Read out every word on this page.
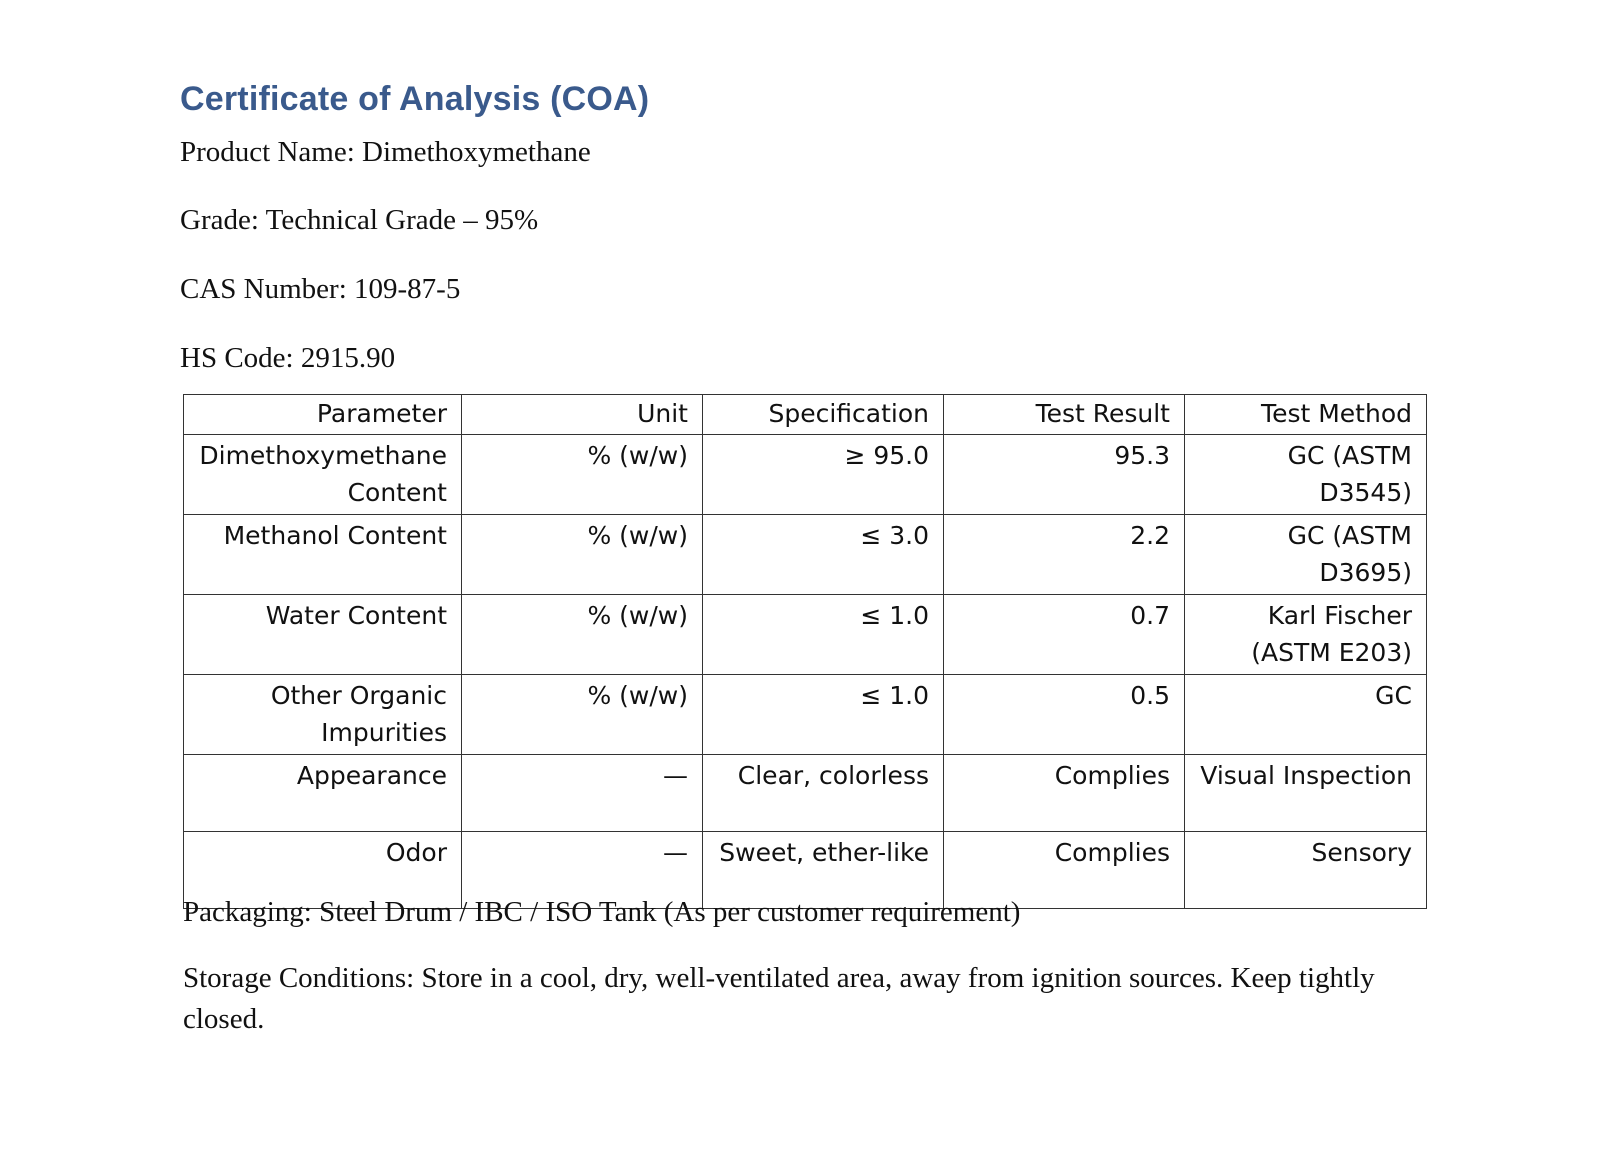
Certificate of Analysis (COA)
Product Name: Dimethoxymethane
Grade: Technical Grade – 95%
CAS Number: 109-87-5
HS Code: 2915.90
Parameter	Unit	Specification	Test Result	Test Method
Dimethoxymethane Content	% (w/w)	≥ 95.0	95.3	GC (ASTM D3545)
Methanol Content	% (w/w)	≤ 3.0	2.2	GC (ASTM D3695)
Water Content	% (w/w)	≤ 1.0	0.7	Karl Fischer (ASTM E203)
Other Organic Impurities	% (w/w)	≤ 1.0	0.5	GC
Appearance	—	Clear, colorless	Complies	Visual Inspection
Odor	—	Sweet, ether-like	Complies	Sensory
Packaging: Steel Drum / IBC / ISO Tank (As per customer requirement)
Storage Conditions: Store in a cool, dry, well-ventilated area, away from ignition sources. Keep tightly closed.
